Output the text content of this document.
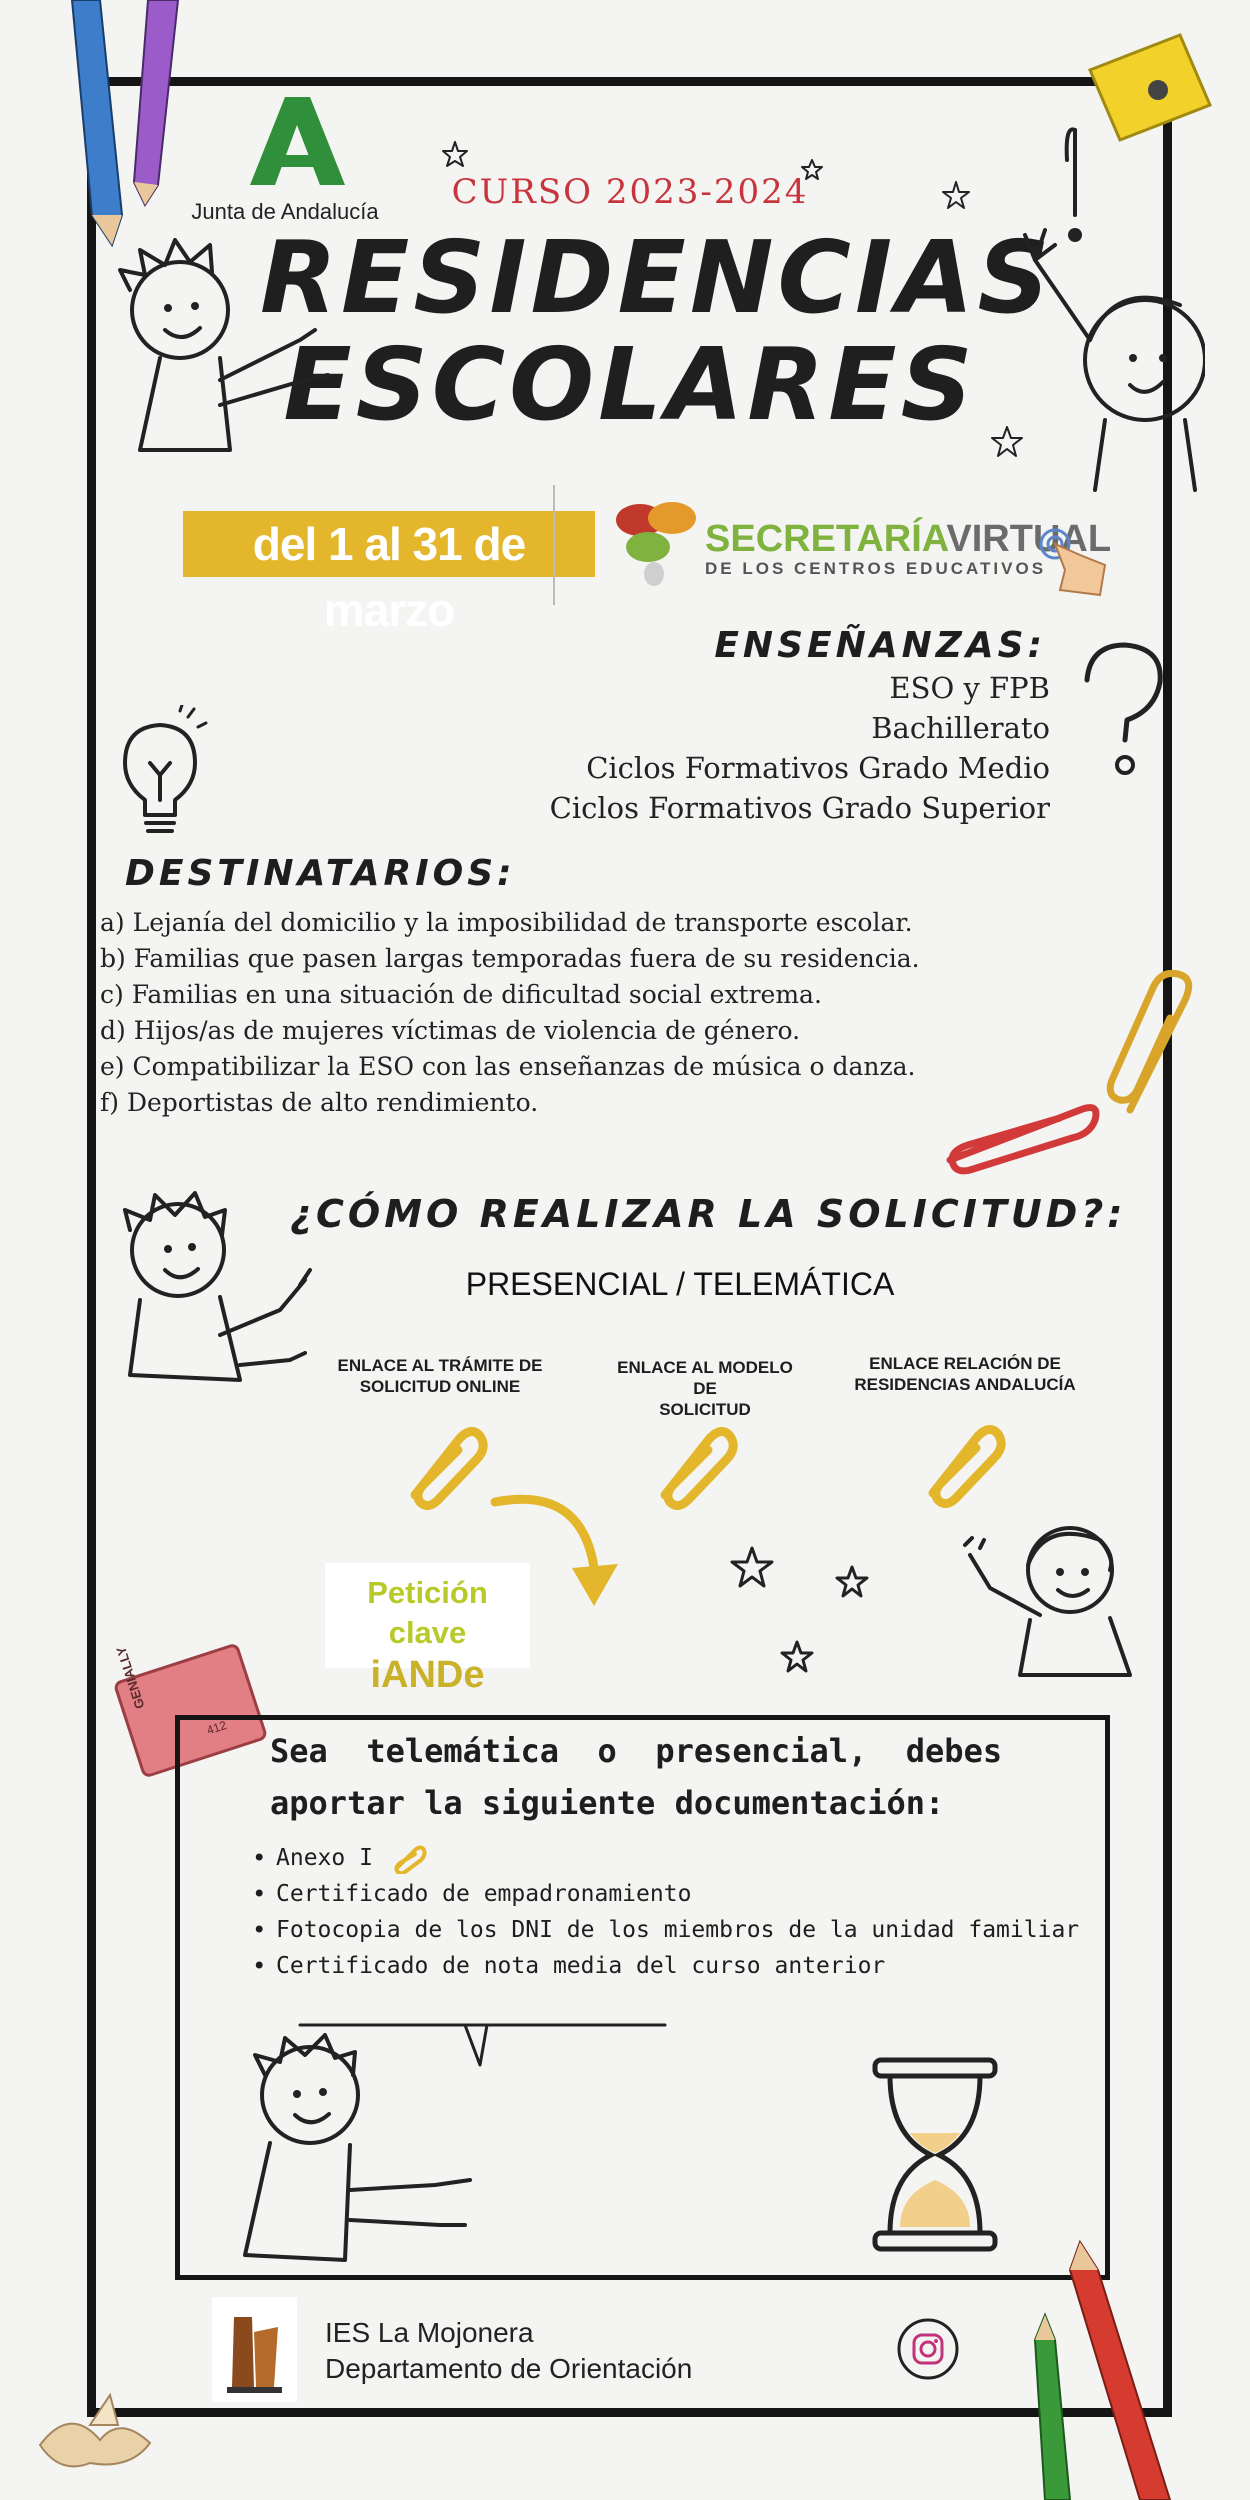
Junta de Andalucía	CURSO 2023-2024
RESIDENCIAS
ESCOLARES
del 1 al 31 de marzo
SECRETARÍAVIRTUAL
DE LOS CENTROS EDUCATIVOS
ENSEÑANZAS:
ESO y FPB
Bachillerato
Ciclos Formativos Grado Medio
Ciclos Formativos Grado Superior
DESTINATARIOS:
a) Lejanía del domicilio y la imposibilidad de transporte escolar.
b) Familias que pasen largas temporadas fuera de su residencia.
c) Familias en una situación de dificultad social extrema.
d) Hijos/as de mujeres víctimas de violencia de género.
e) Compatibilizar la ESO con las enseñanzas de música o danza.
f) Deportistas de alto rendimiento.
¿CÓMO REALIZAR LA SOLICITUD?:
PRESENCIAL / TELEMÁTICA
ENLACE AL TRÁMITE DE
SOLICITUD ONLINE
ENLACE AL MODELO DE
SOLICITUD
ENLACE RELACIÓN DE
RESIDENCIAS ANDALUCÍA
Petición clave
iANDe
GENIALLY
412
Sea  telemática  o  presencial,  debes
aportar la siguiente documentación:
• Anexo I
• Certificado de empadronamiento
• Fotocopia de los DNI de los miembros de la unidad familiar
• Certificado de nota media del curso anterior
IES La Mojonera
Departamento de Orientación
